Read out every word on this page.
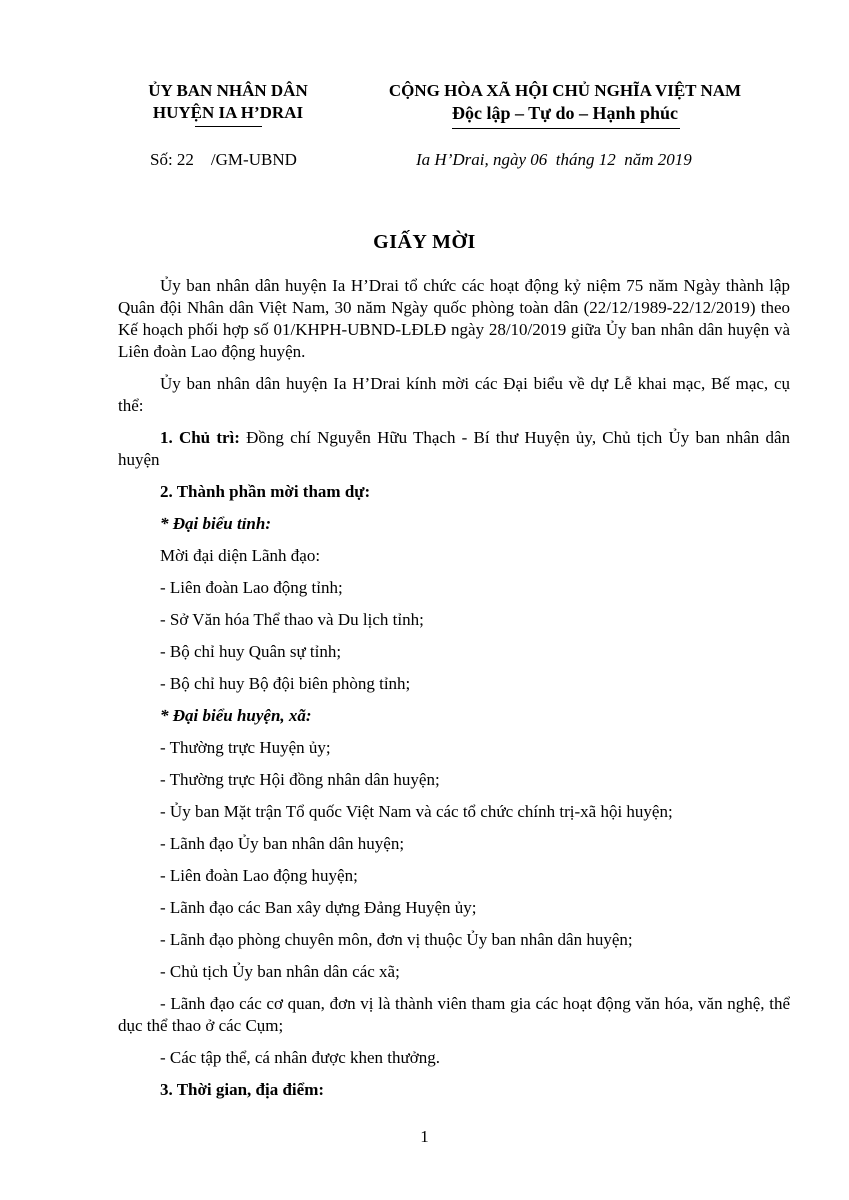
ỦY BAN NHÂN DÂN
HUYỆN IA H’DRAI
CỘNG HÒA XÃ HỘI CHỦ NGHĨA VIỆT NAM
Độc lập – Tự do – Hạnh phúc
Số: 22    /GM-UBND	Ia H’Drai, ngày 06  tháng 12  năm 2019
GIẤY MỜI

Ủy ban nhân dân huyện Ia H’Drai tổ chức các hoạt động kỷ niệm 75 năm Ngày thành lập Quân đội Nhân dân Việt Nam, 30 năm Ngày quốc phòng toàn dân (22/12/1989-22/12/2019) theo Kế hoạch phối hợp số 01/KHPH-UBND-LĐLĐ ngày 28/10/2019 giữa Ủy ban nhân dân huyện và Liên đoàn Lao động huyện.

Ủy ban nhân dân huyện Ia H’Drai kính mời các Đại biểu về dự Lễ khai mạc, Bế mạc, cụ thể:

1. Chủ trì: Đồng chí Nguyễn Hữu Thạch - Bí thư Huyện ủy, Chủ tịch Ủy ban nhân dân huyện

2. Thành phần mời tham dự:
* Đại biểu tỉnh:
Mời đại diện Lãnh đạo:
- Liên đoàn Lao động tỉnh;
- Sở Văn hóa Thể thao và Du lịch tỉnh;
- Bộ chỉ huy Quân sự tỉnh;
- Bộ chỉ huy Bộ đội biên phòng tỉnh;
* Đại biểu huyện, xã:
- Thường trực Huyện ủy;
- Thường trực Hội đồng nhân dân huyện;
- Ủy ban Mặt trận Tổ quốc Việt Nam và các tổ chức chính trị-xã hội huyện;
- Lãnh đạo Ủy ban nhân dân huyện;
- Liên đoàn Lao động huyện;
- Lãnh đạo các Ban xây dựng Đảng Huyện ủy;
- Lãnh đạo phòng chuyên môn, đơn vị thuộc Ủy ban nhân dân huyện;
- Chủ tịch Ủy ban nhân dân các xã;

- Lãnh đạo các cơ quan, đơn vị là thành viên tham gia các hoạt động văn hóa, văn nghệ, thể dục thể thao ở các Cụm;

- Các tập thể, cá nhân được khen thưởng.
3. Thời gian, địa điểm:
1
